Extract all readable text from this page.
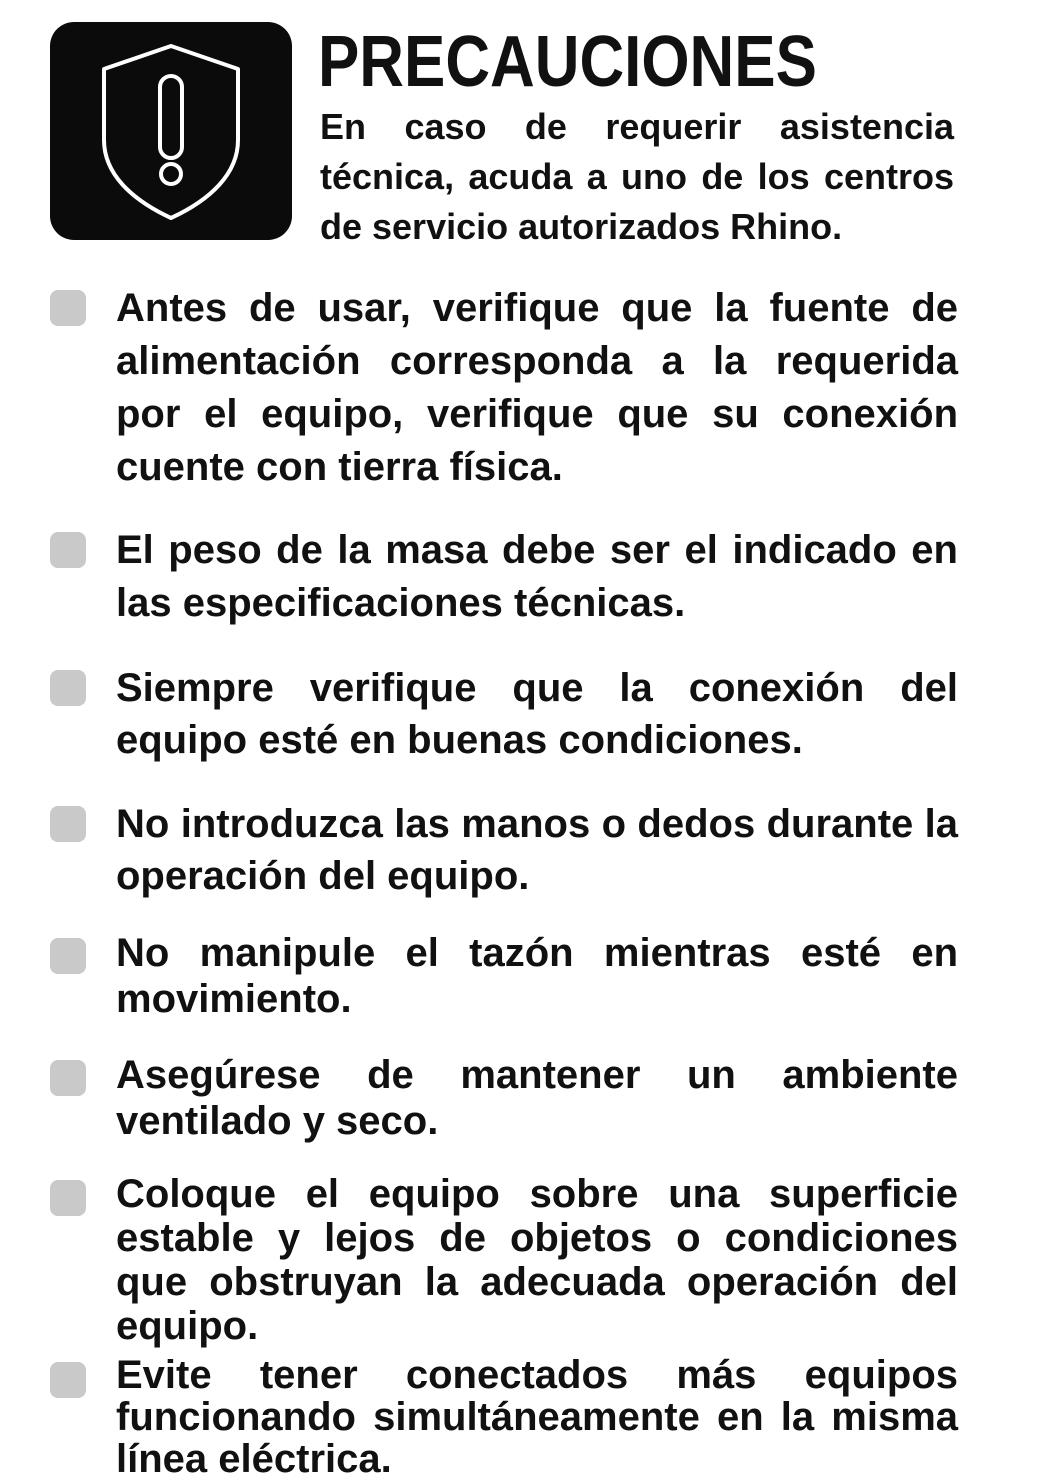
PRECAUCIONES

En caso de requerir asistencia técnica, acuda a uno de los centros de servicio autorizados Rhino.

Antes de usar, verifique que la fuente de alimentación corresponda a la requerida por el equipo, verifique que su conexión cuente con tierra física.
El peso de la masa debe ser el indicado en las especificaciones técnicas.
Siempre verifique que la conexión del equipo esté en buenas condiciones.
No introduzca las manos o dedos durante la operación del equipo.
No manipule el tazón mientras esté en movimiento.
Asegúrese de mantener un ambiente ventilado y seco.
Coloque el equipo sobre una superficie estable y lejos de objetos o condiciones que obstruyan la adecuada operación del equipo.
Evite tener conectados más equipos funcionando simultáneamente en la misma línea eléctrica.
